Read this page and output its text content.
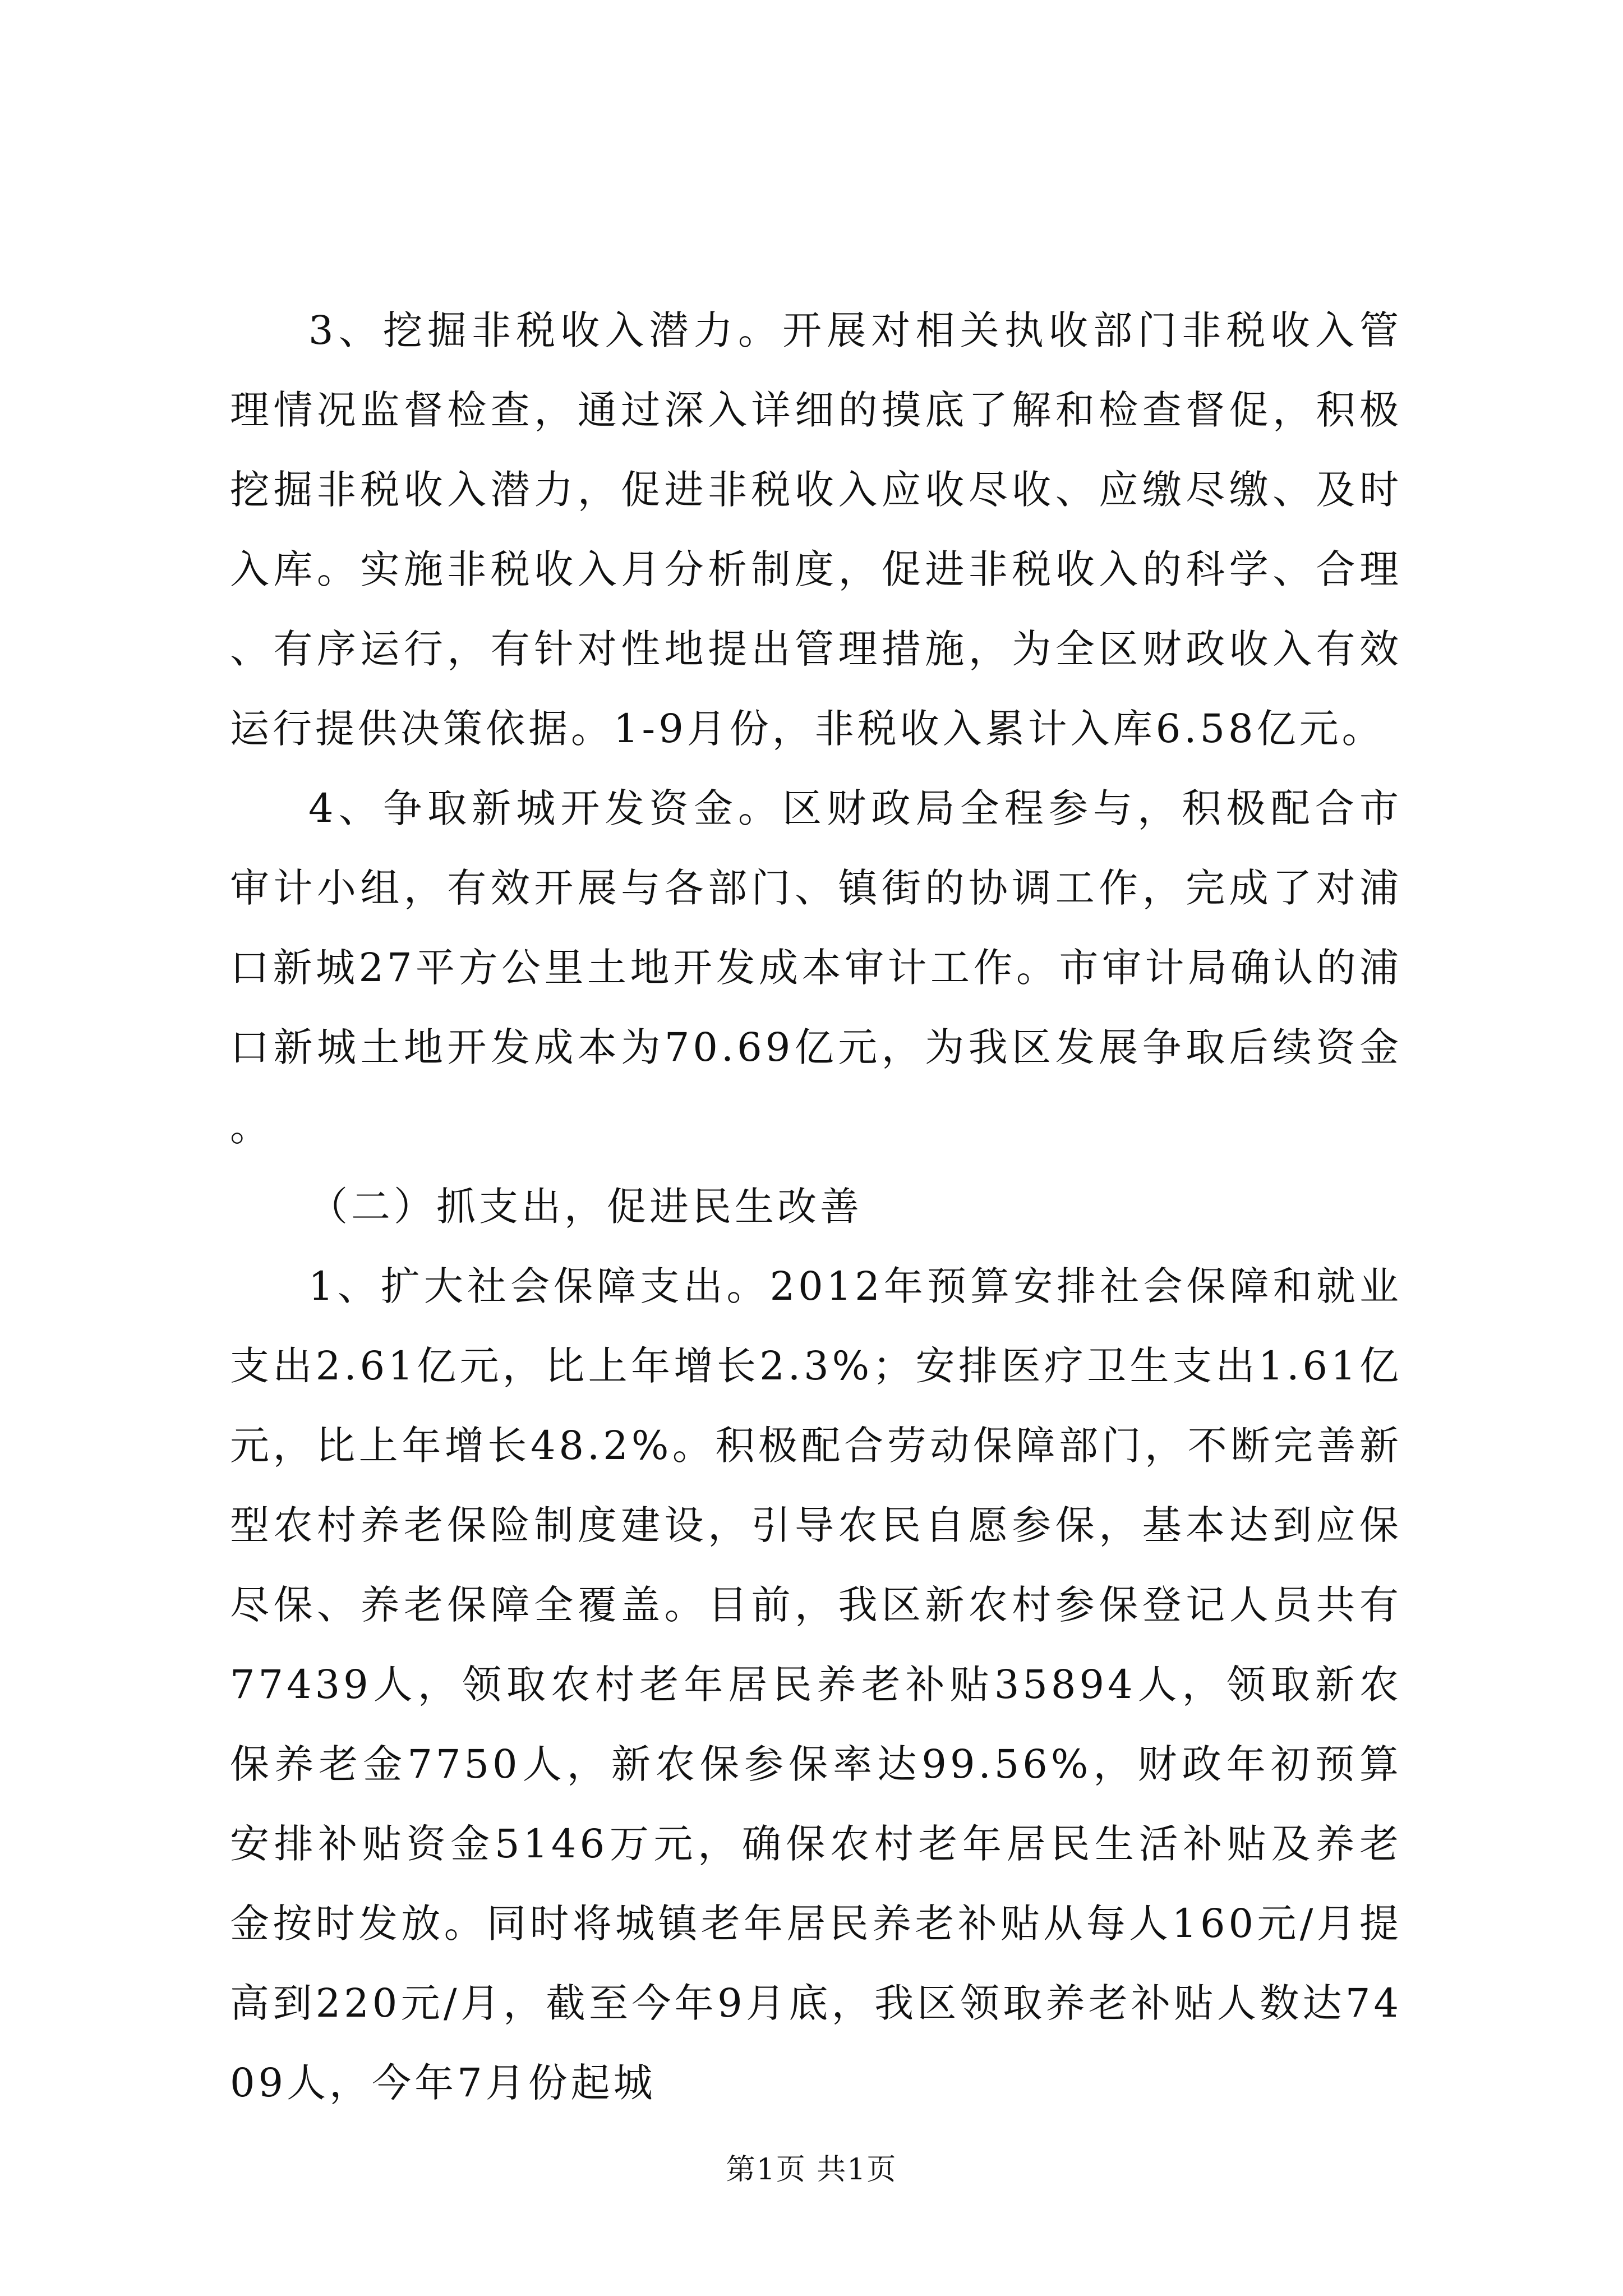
3、挖掘非税收入潜力。开展对相关执收部门非税收入管理情况监督检查，通过深入详细的摸底了解和检查督促，积极挖掘非税收入潜力，促进非税收入应收尽收、应缴尽缴、及时入库。实施非税收入月分析制度，促进非税收入的科学、合理、有序运行，有针对性地提出管理措施，为全区财政收入有效运行提供决策依据。1-9月份，非税收入累计入库6.58亿元。

4、争取新城开发资金。区财政局全程参与，积极配合市审计小组，有效开展与各部门、镇街的协调工作，完成了对浦口新城27平方公里土地开发成本审计工作。市审计局确认的浦口新城土地开发成本为70.69亿元，为我区发展争取后续资金。

（二）抓支出，促进民生改善

1、扩大社会保障支出。2012年预算安排社会保障和就业支出2.61亿元，比上年增长2.3%；安排医疗卫生支出1.61亿元，比上年增长48.2%。积极配合劳动保障部门，不断完善新型农村养老保险制度建设，引导农民自愿参保，基本达到应保尽保、养老保障全覆盖。目前，我区新农村参保登记人员共有77439人，领取农村老年居民养老补贴35894人，领取新农保养老金7750人，新农保参保率达99.56%，财政年初预算安排补贴资金5146万元，确保农村老年居民生活补贴及养老金按时发放。同时将城镇老年居民养老补贴从每人160元/月提高到220元/月，截至今年9月底，我区领取养老补贴人数达7409人，今年7月份起城

第1页 共1页
